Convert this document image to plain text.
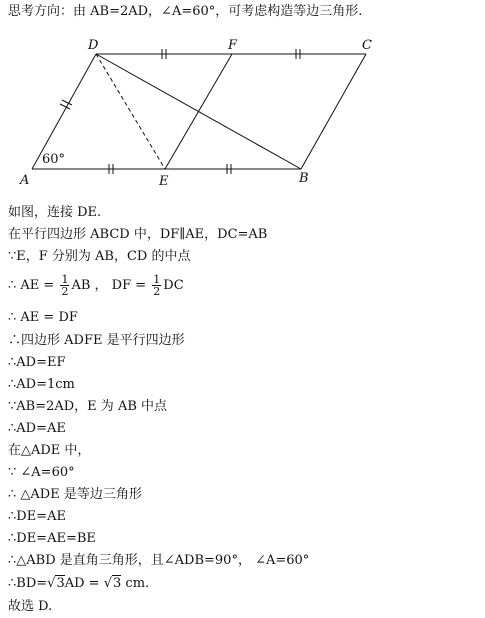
思考方向：由 AB=2AD，∠A=60°，可考虑构造等边三角形.
D	F	C
A	E	B
60°
如图，连接 DE.
在平行四边形 ABCD 中，DF∥AE，DC=AB
∵E，F 分别为 AB，CD 的中点
∴ AE = $\frac{1}{2}$ AB ， DF = $\frac{1}{2}$ DC
∴ AE = DF
∴四边形 ADFE 是平行四边形
∴AD=EF
∴AD=1cm
∵AB=2AD，E 为 AB 中点
∴AD=AE
在△ADE 中，
∵ ∠A=60°
∴ △ADE 是等边三角形
∴DE=AE
∴DE=AE=BE
∴△ABD 是直角三角形，且∠ADB=90°， ∠A=60°
∴BD=√3AD = √3 cm.
故选 D.
